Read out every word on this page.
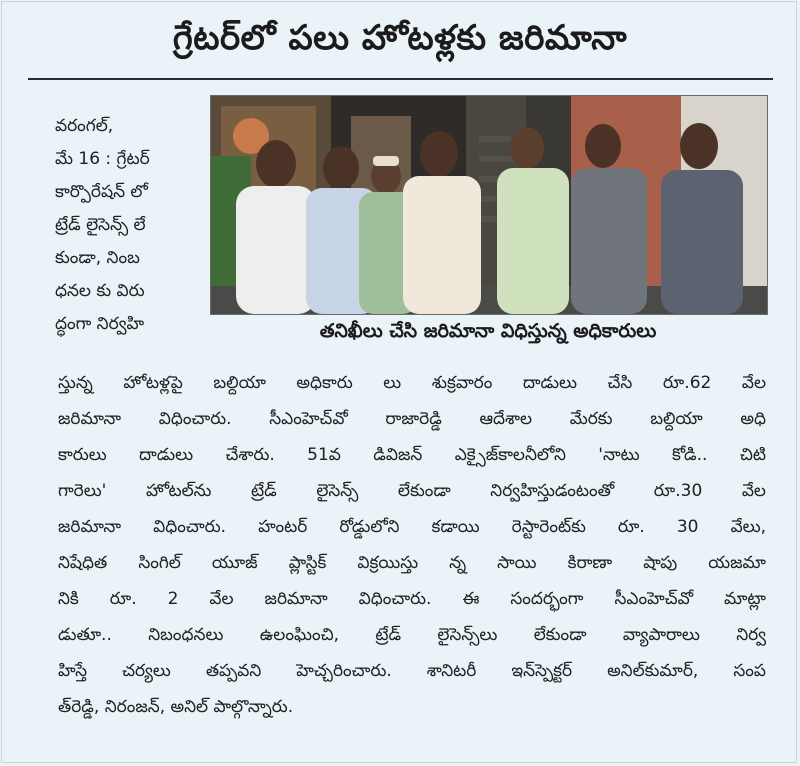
గ్రేటర్‌లో పలు హోటళ్లకు జరిమానా
వరంగల్,
మే 16 : గ్రేటర్
కార్పొరేషన్ లో
ట్రేడ్ లైసెన్స్ లే
కుండా, నింబ
ధనల కు విరు
ద్ధంగా నిర్వహి	తనిఖీలు చేసి జరిమానా విధిస్తున్న అధికారులు
స్తున్న హోటళ్లపై బల్దియా అధికారు లు శుక్రవారం దాడులు చేసి రూ.62 వేల
జరిమానా విధించారు. సీఎంహెచ్‌వో రాజారెడ్డి ఆదేశాల మేరకు బల్దియా అధి
కారులు దాడులు చేశారు. 51వ డివిజన్ ఎక్సైజ్‌కాలనీలోని 'నాటు కోడి.. చిటి
గారెలు' హోటల్‌ను ట్రేడ్ లైసెన్స్ లేకుండా నిర్వహిస్తుడంటంతో రూ.30 వేల
జరిమానా విధించారు. హంటర్ రోడ్డులోని కడాయి రెస్టారెంట్‌కు రూ. 30 వేలు,
నిషేధిత సింగిల్ యూజ్ ప్లాస్టిక్ విక్రయిస్తు న్న సాయి కిరాణా షాపు యజమా
నికి రూ. 2 వేల జరిమానా విధించారు. ఈ సందర్భంగా సీఎంహెచ్‌వో మాట్లా
డుతూ.. నిబంధనలు ఉలంఘించి, ట్రేడ్ లైసెన్స్‌లు లేకుండా వ్యాపారాలు నిర్వ
హిస్తే చర్యలు తప్పవని హెచ్చరించారు. శానిటరీ ఇన్‌స్పెక్టర్ అనిల్‌కుమార్, సంప
త్‌రెడ్డి, నిరంజన్, అనిల్ పాల్గొన్నారు.
